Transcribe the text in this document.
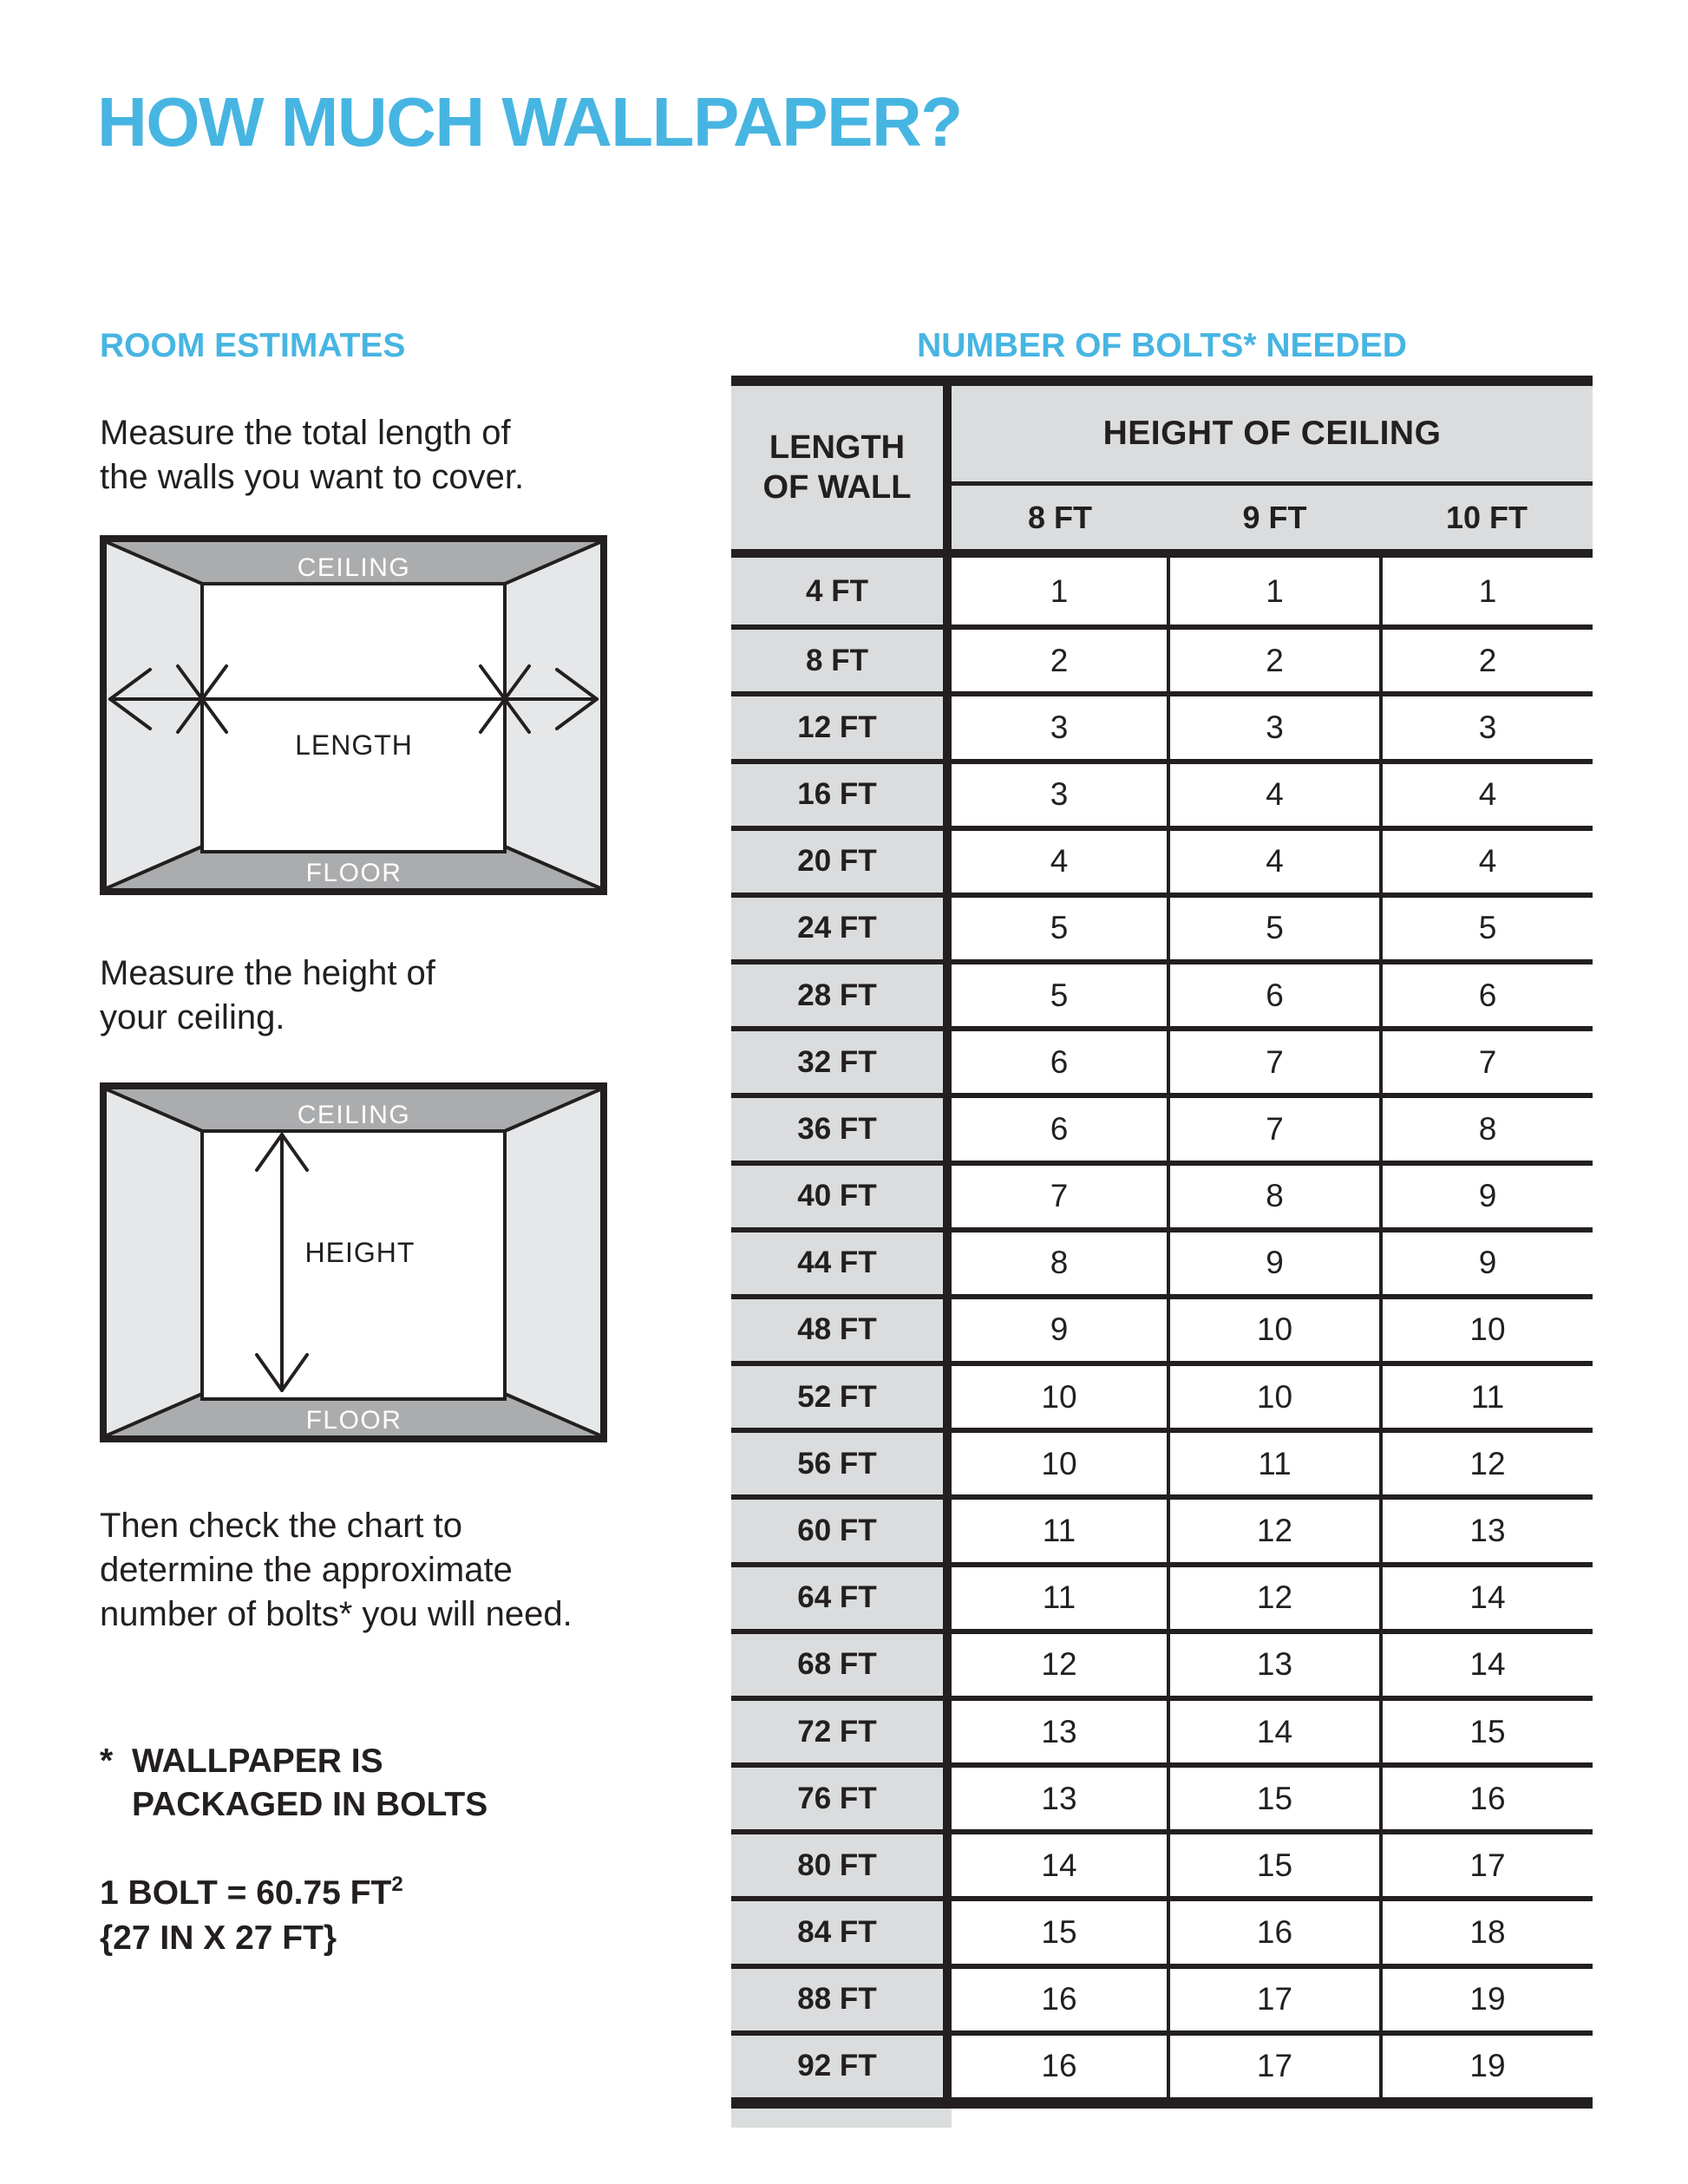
HOW MUCH WALLPAPER?
ROOM ESTIMATES
Measure the total length of
the walls you want to cover.
CEILING
FLOOR
LENGTH
Measure the height of
your ceiling.
CEILING
FLOOR
HEIGHT
Then check the chart to
determine the approximate
number of bolts* you will need.
* WALLPAPER IS
PACKAGED IN BOLTS
1 BOLT = 60.75 $FT^2$
{27 IN X 27 FT}
NUMBER OF BOLTS* NEEDED
LENGTH
OF WALL
HEIGHT OF CEILING
8 FT	9 FT	10 FT
4 FT	1	1	1
8 FT	2	2	2
12 FT	3	3	3
16 FT	3	4	4
20 FT	4	4	4
24 FT	5	5	5
28 FT	5	6	6
32 FT	6	7	7
36 FT	6	7	8
40 FT	7	8	9
44 FT	8	9	9
48 FT	9	10	10
52 FT	10	10	11
56 FT	10	11	12
60 FT	11	12	13
64 FT	11	12	14
68 FT	12	13	14
72 FT	13	14	15
76 FT	13	15	16
80 FT	14	15	17
84 FT	15	16	18
88 FT	16	17	19
92 FT	16	17	19
